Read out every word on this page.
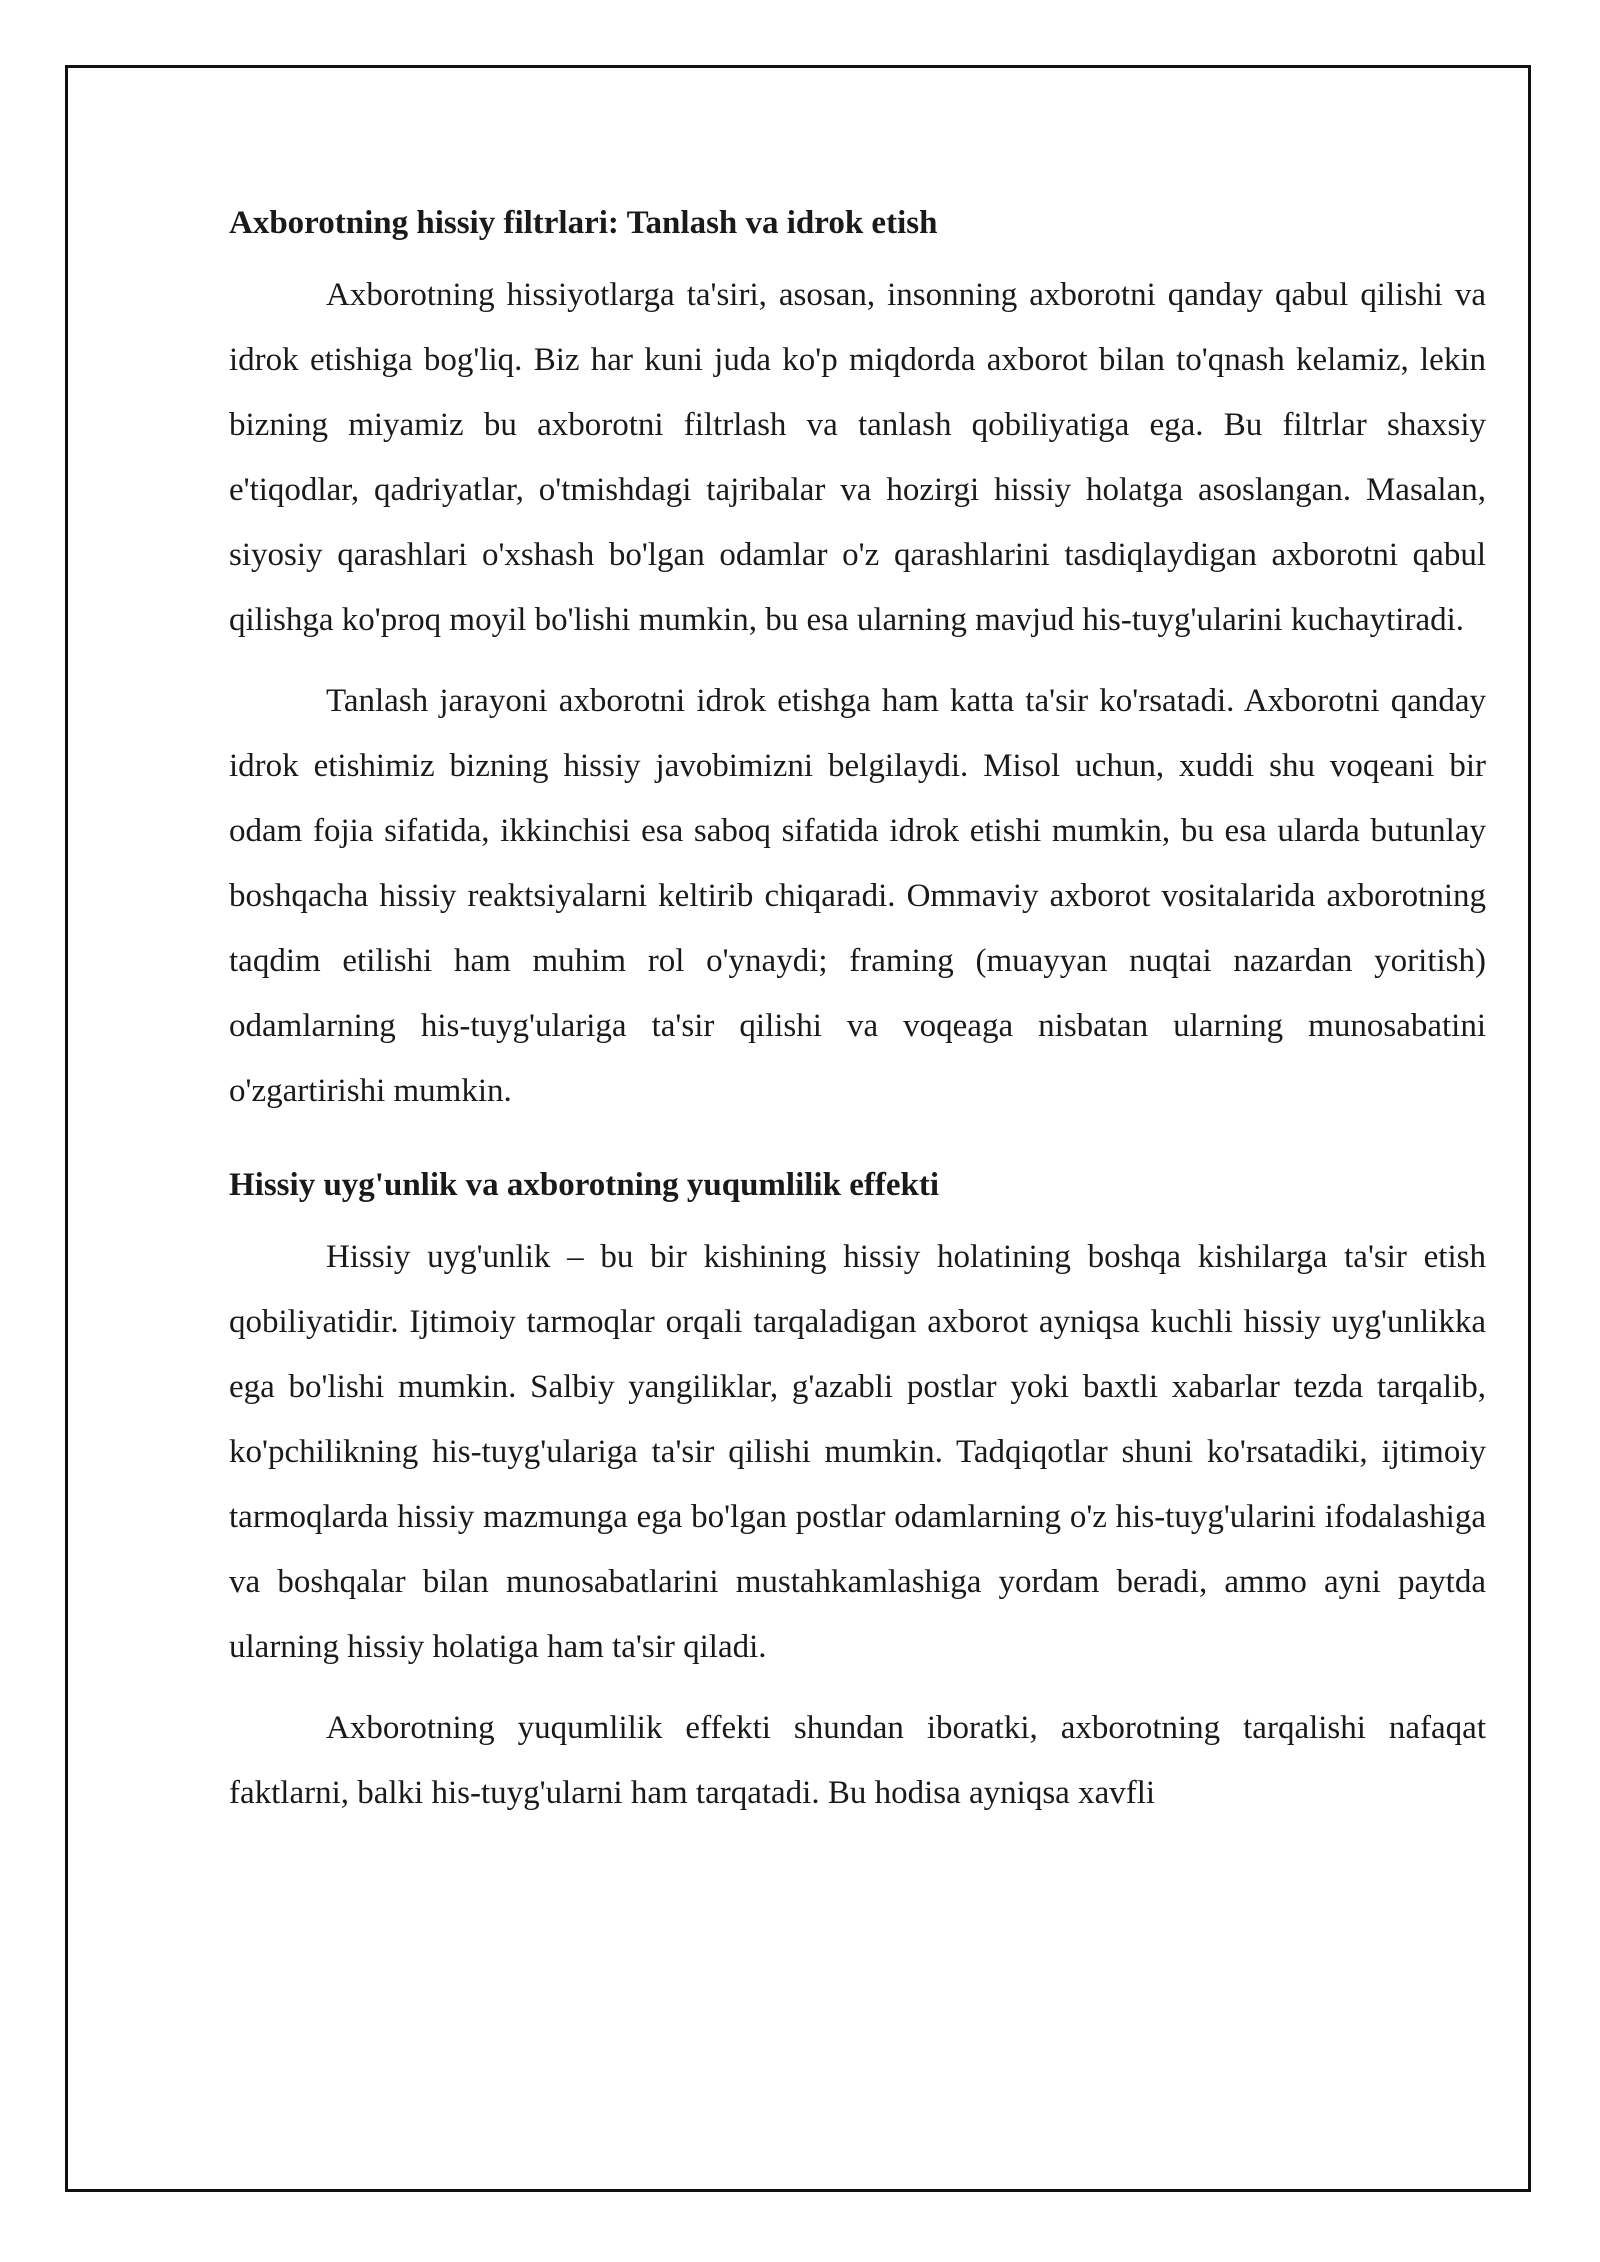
Axborotning hissiy filtrlari: Tanlash va idrok etish

Axborotning hissiyotlarga ta'siri, asosan, insonning axborotni qanday qabul qilishi va idrok etishiga bog'liq. Biz har kuni juda ko'p miqdorda axborot bilan to'qnash kelamiz, lekin bizning miyamiz bu axborotni filtrlash va tanlash qobiliyatiga ega. Bu filtrlar shaxsiy e'tiqodlar, qadriyatlar, o'tmishdagi tajribalar va hozirgi hissiy holatga asoslangan. Masalan, siyosiy qarashlari o'xshash bo'lgan odamlar o'z qarashlarini tasdiqlaydigan axborotni qabul qilishga ko'proq moyil bo'lishi mumkin, bu esa ularning mavjud his-tuyg'ularini kuchaytiradi.

Tanlash jarayoni axborotni idrok etishga ham katta ta'sir ko'rsatadi. Axborotni qanday idrok etishimiz bizning hissiy javobimizni belgilaydi. Misol uchun, xuddi shu voqeani bir odam fojia sifatida, ikkinchisi esa saboq sifatida idrok etishi mumkin, bu esa ularda butunlay boshqacha hissiy reaktsiyalarni keltirib chiqaradi. Ommaviy axborot vositalarida axborotning taqdim etilishi ham muhim rol o'ynaydi; framing (muayyan nuqtai nazardan yoritish) odamlarning his-tuyg'ulariga ta'sir qilishi va voqeaga nisbatan ularning munosabatini o'zgartirishi mumkin.

Hissiy uyg'unlik va axborotning yuqumlilik effekti

Hissiy uyg'unlik – bu bir kishining hissiy holatining boshqa kishilarga ta'sir etish qobiliyatidir. Ijtimoiy tarmoqlar orqali tarqaladigan axborot ayniqsa kuchli hissiy uyg'unlikka ega bo'lishi mumkin. Salbiy yangiliklar, g'azabli postlar yoki baxtli xabarlar tezda tarqalib, ko'pchilikning his-tuyg'ulariga ta'sir qilishi mumkin. Tadqiqotlar shuni ko'rsatadiki, ijtimoiy tarmoqlarda hissiy mazmunga ega bo'lgan postlar odamlarning o'z his-tuyg'ularini ifodalashiga va boshqalar bilan munosabatlarini mustahkamlashiga yordam beradi, ammo ayni paytda ularning hissiy holatiga ham ta'sir qiladi.

Axborotning yuqumlilik effekti shundan iboratki, axborotning tarqalishi nafaqat faktlarni, balki his-tuyg'ularni ham tarqatadi. Bu hodisa ayniqsa xavfli
